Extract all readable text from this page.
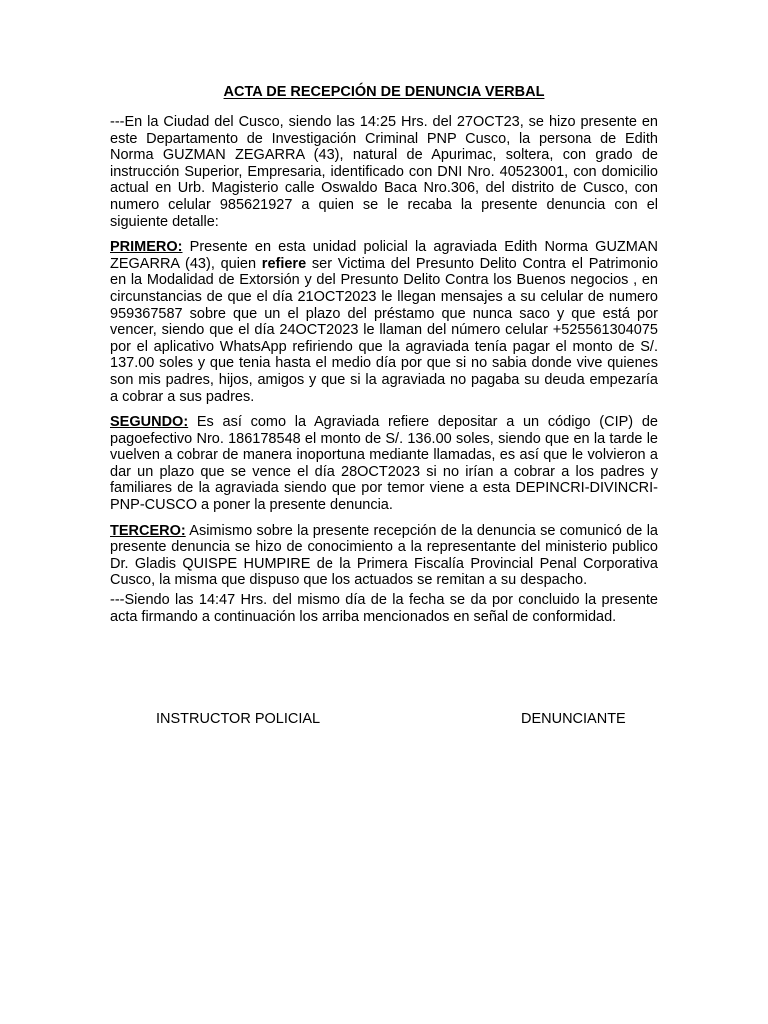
ACTA DE RECEPCIÓN DE DENUNCIA VERBAL

---En la Ciudad del Cusco, siendo las 14:25 Hrs. del 27OCT23, se hizo presente en este Departamento de Investigación Criminal PNP Cusco, la persona de Edith Norma GUZMAN ZEGARRA (43), natural de Apurimac, soltera, con grado de instrucción Superior, Empresaria, identificado con DNI Nro. 40523001, con domicilio actual en Urb. Magisterio calle Oswaldo Baca Nro.306, del distrito de Cusco, con numero celular 985621927 a quien se le recaba la presente denuncia con el siguiente detalle:

PRIMERO: Presente en esta unidad policial la agraviada Edith Norma GUZMAN ZEGARRA (43), quien refiere ser Victima del Presunto Delito Contra el Patrimonio en la Modalidad de Extorsión y del Presunto Delito Contra los Buenos negocios , en circunstancias de que el día 21OCT2023 le llegan mensajes a su celular de numero 959367587 sobre que un el plazo del préstamo que nunca saco y que está por vencer, siendo que el día 24OCT2023 le llaman del número celular +525561304075 por el aplicativo WhatsApp refiriendo que la agraviada tenía pagar el monto de S/. 137.00 soles y que tenia hasta el medio día por que si no sabia donde vive quienes son mis padres, hijos, amigos y que si la agraviada no pagaba su deuda empezaría a cobrar a sus padres.

SEGUNDO: Es así como la Agraviada refiere depositar a un código (CIP) de pagoefectivo Nro. 186178548 el monto de S/. 136.00 soles, siendo que en la tarde le vuelven a cobrar de manera inoportuna mediante llamadas, es así que le volvieron a dar un plazo que se vence el día 28OCT2023 si no irían a cobrar a los padres y familiares de la agraviada siendo que por temor viene a esta DEPINCRI-DIVINCRI-PNP-CUSCO a poner la presente denuncia.

TERCERO: Asimismo sobre la presente recepción de la denuncia se comunicó de la presente denuncia se hizo de conocimiento a la representante del ministerio publico Dr. Gladis QUISPE HUMPIRE de la Primera Fiscalía Provincial Penal Corporativa Cusco, la misma que dispuso que los actuados se remitan a su despacho.

---Siendo las 14:47 Hrs. del mismo día de la fecha se da por concluido la presente acta firmando a continuación los arriba mencionados en señal de conformidad.

INSTRUCTOR POLICIAL	DENUNCIANTE
